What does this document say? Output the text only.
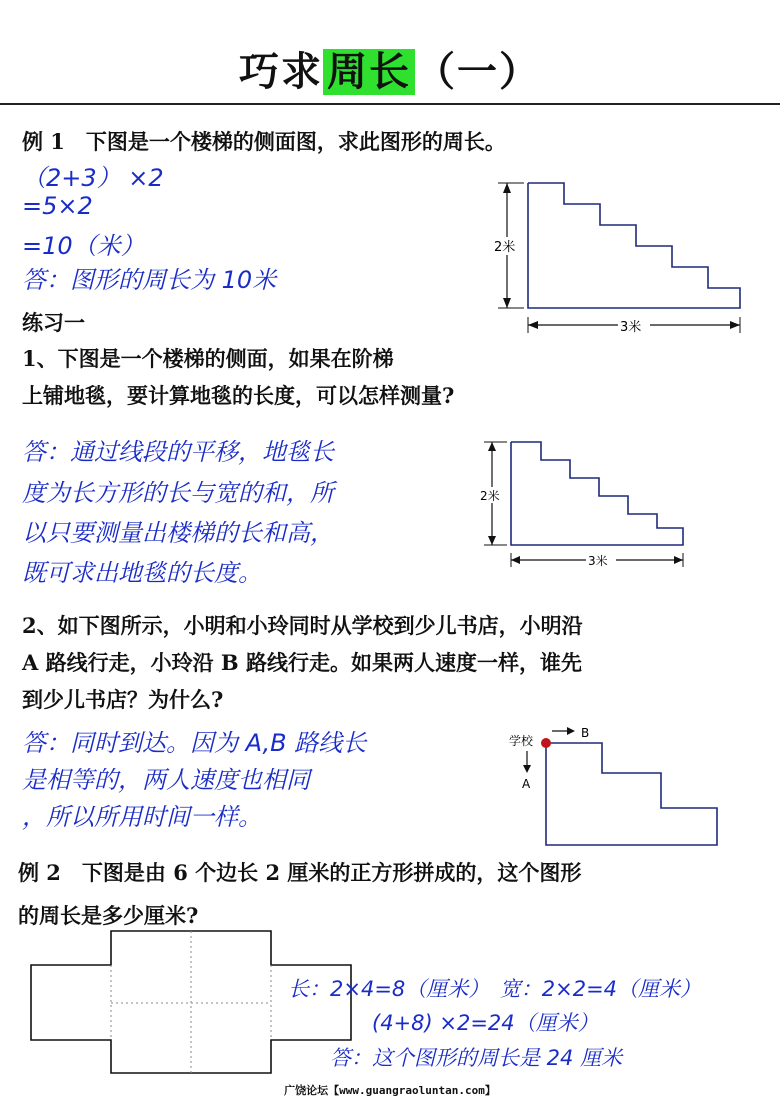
巧求 周长 （一）
例 1　下图是一个楼梯的侧面图，求此图形的周长。
（2+3） ×2
=5×2
=10（米）
答：图形的周长为 10米
2米
3米
练习一
1、下图是一个楼梯的侧面，如果在阶梯
上铺地毯，要计算地毯的长度，可以怎样测量?
答：通过线段的平移，地毯长
度为长方形的长与宽的和，所
以只要测量出楼梯的长和高，
既可求出地毯的长度。
2米
3米
2、如下图所示，小明和小玲同时从学校到少儿书店，小明沿
A 路线行走，小玲沿 B 路线行走。如果两人速度一样，谁先
到少儿书店？为什么?
答：同时到达。因为 A,B 路线长
是相等的，两人速度也相同
，所以所用时间一样。
学校
B
A
例 2　下图是由 6 个边长 2 厘米的正方形拼成的，这个图形
的周长是多少厘米?
长：2×4=8（厘米）　宽：2×2=4（厘米）
(4+8) ×2=24（厘米）
答：这个图形的周长是 24 厘米
广饶论坛【www.guangraoluntan.com】
